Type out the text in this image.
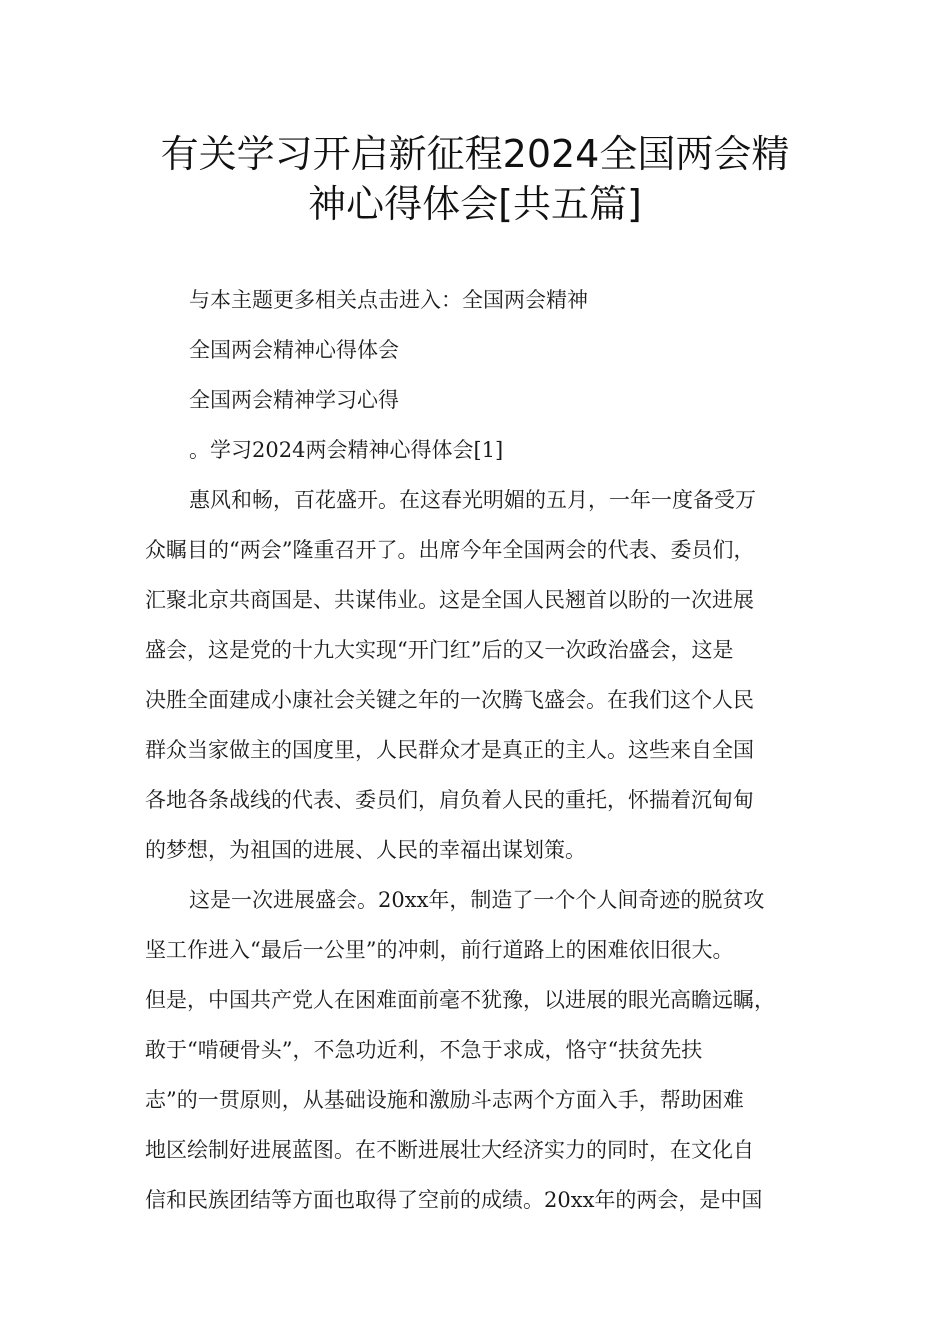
有关学习开启新征程2024全国两会精
神心得体会[共五篇]
与本主题更多相关点击进入：全国两会精神
全国两会精神心得体会
全国两会精神学习心得
。学习2024两会精神心得体会[1]
惠风和畅，百花盛开。在这春光明媚的五月，一年一度备受万
众瞩目的“两会”隆重召开了。出席今年全国两会的代表、委员们，
汇聚北京共商国是、共谋伟业。这是全国人民翘首以盼的一次进展
盛会，这是党的十九大实现“开门红”后的又一次政治盛会，这是
决胜全面建成小康社会关键之年的一次腾飞盛会。在我们这个人民
群众当家做主的国度里，人民群众才是真正的主人。这些来自全国
各地各条战线的代表、委员们，肩负着人民的重托，怀揣着沉甸甸
的梦想，为祖国的进展、人民的幸福出谋划策。
这是一次进展盛会。20xx年，制造了一个个人间奇迹的脱贫攻
坚工作进入“最后一公里”的冲刺，前行道路上的困难依旧很大。
但是，中国共产党人在困难面前毫不犹豫，以进展的眼光高瞻远瞩，
敢于“啃硬骨头”，不急功近利，不急于求成，恪守“扶贫先扶
志”的一贯原则，从基础设施和激励斗志两个方面入手，帮助困难
地区绘制好进展蓝图。在不断进展壮大经济实力的同时，在文化自
信和民族团结等方面也取得了空前的成绩。20xx年的两会，是中国
